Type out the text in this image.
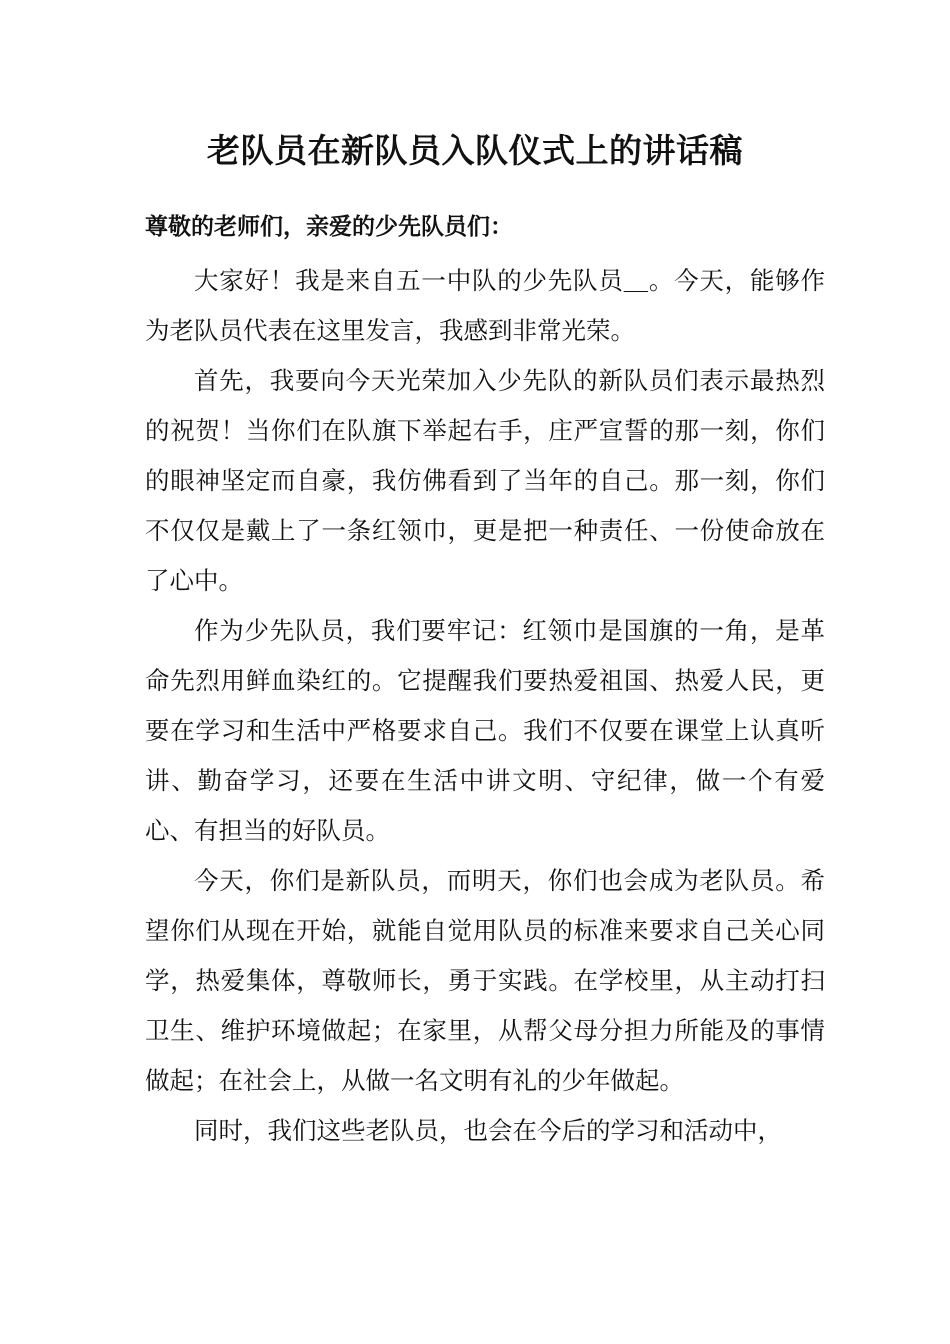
老队员在新队员入队仪式上的讲话稿
尊敬的老师们，亲爱的少先队员们：

大家好！我是来自五一中队的少先队员＿。今天，能够作为老队员代表在这里发言，我感到非常光荣。

首先，我要向今天光荣加入少先队的新队员们表示最热烈的祝贺！当你们在队旗下举起右手，庄严宣誓的那一刻，你们的眼神坚定而自豪，我仿佛看到了当年的自己。那一刻，你们不仅仅是戴上了一条红领巾，更是把一种责任、一份使命放在了心中。

作为少先队员，我们要牢记：红领巾是国旗的一角，是革命先烈用鲜血染红的。它提醒我们要热爱祖国、热爱人民，更要在学习和生活中严格要求自己。我们不仅要在课堂上认真听讲、勤奋学习，还要在生活中讲文明、守纪律，做一个有爱心、有担当的好队员。

今天，你们是新队员，而明天，你们也会成为老队员。希望你们从现在开始，就能自觉用队员的标准来要求自己关心同学，热爱集体，尊敬师长，勇于实践。在学校里，从主动打扫卫生、维护环境做起；在家里，从帮父母分担力所能及的事情做起；在社会上，从做一名文明有礼的少年做起。

同时，我们这些老队员，也会在今后的学习和活动中，
